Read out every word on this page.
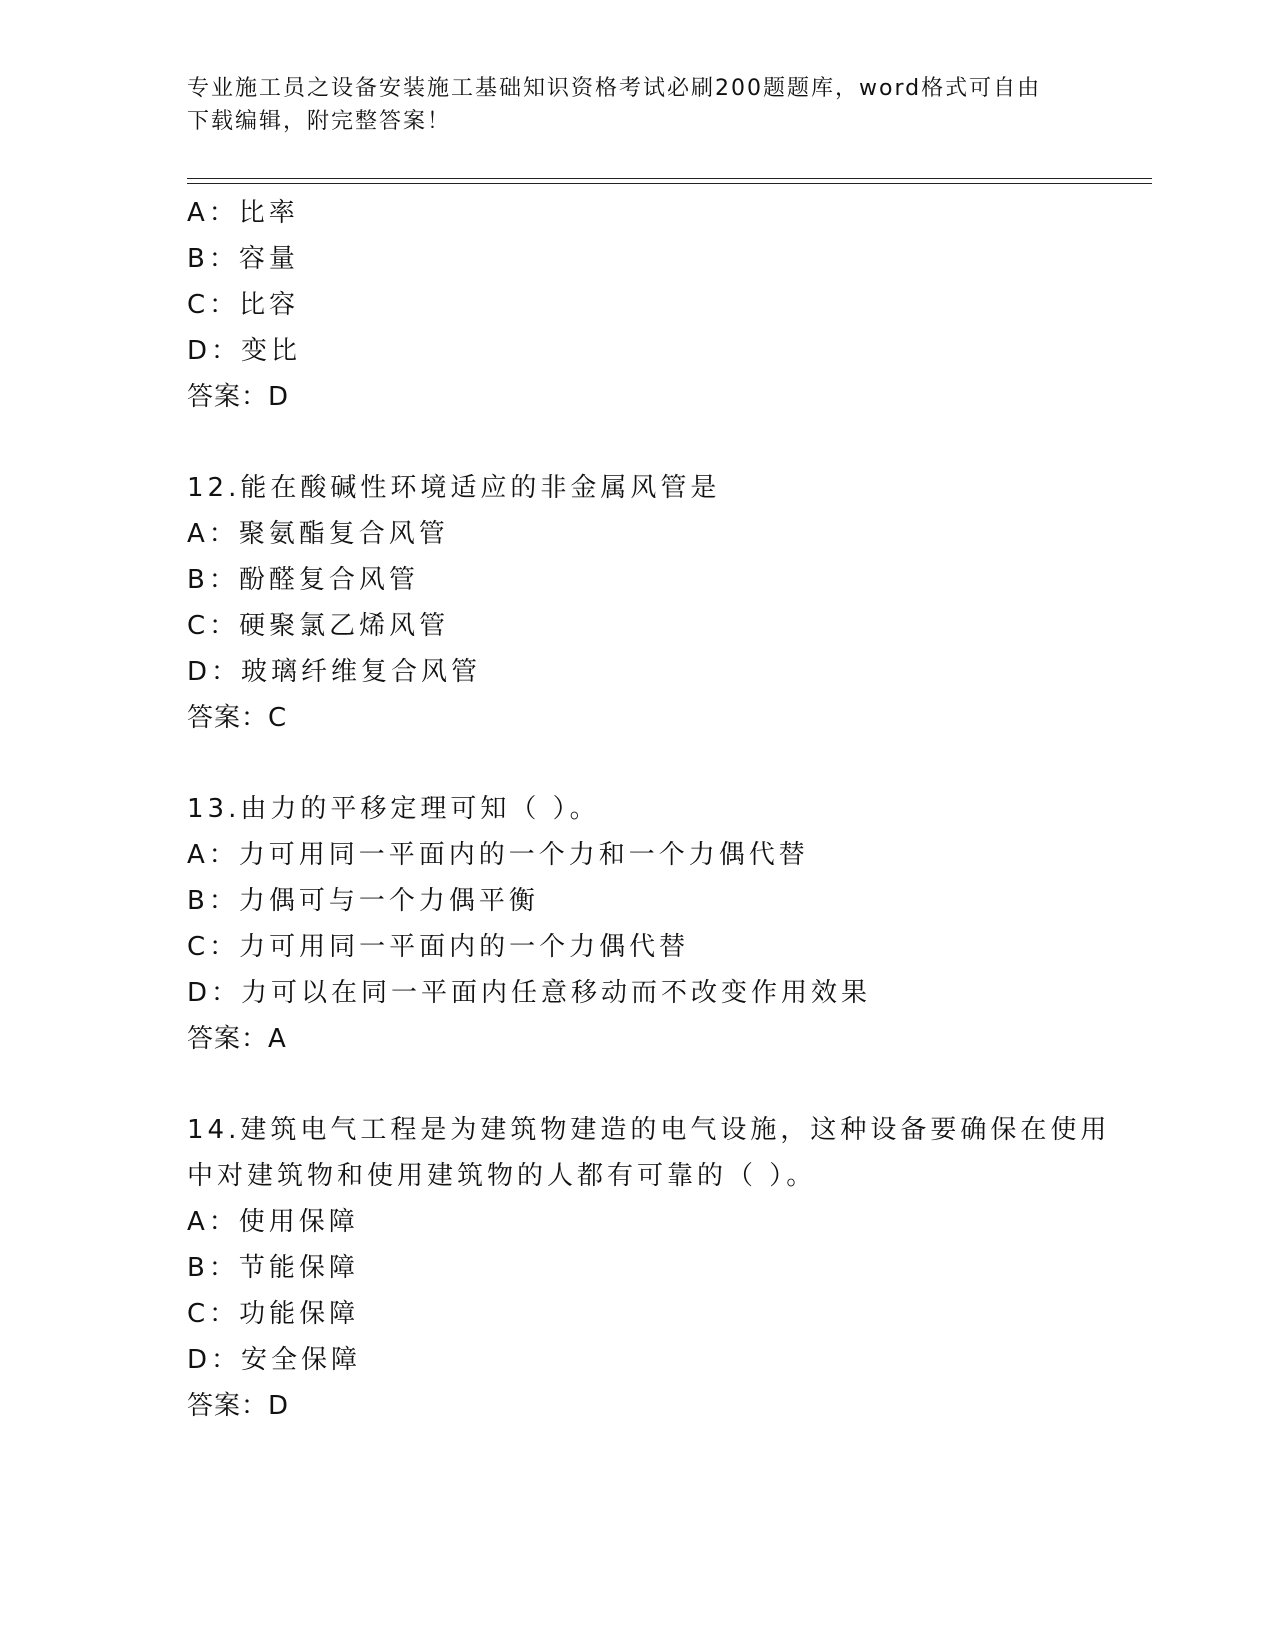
专业施工员之设备安装施工基础知识资格考试必刷200题题库，word格式可自由
下载编辑，附完整答案！
A：比率
B：容量
C：比容
D：变比
答案：D
12.能在酸碱性环境适应的非金属风管是
A：聚氨酯复合风管
B：酚醛复合风管
C：硬聚氯乙烯风管
D：玻璃纤维复合风管
答案：C
13.由力的平移定理可知（ ）。
A：力可用同一平面内的一个力和一个力偶代替
B：力偶可与一个力偶平衡
C：力可用同一平面内的一个力偶代替
D：力可以在同一平面内任意移动而不改变作用效果
答案：A
14.建筑电气工程是为建筑物建造的电气设施，这种设备要确保在使用
中对建筑物和使用建筑物的人都有可靠的（ ）。
A：使用保障
B：节能保障
C：功能保障
D：安全保障
答案：D
